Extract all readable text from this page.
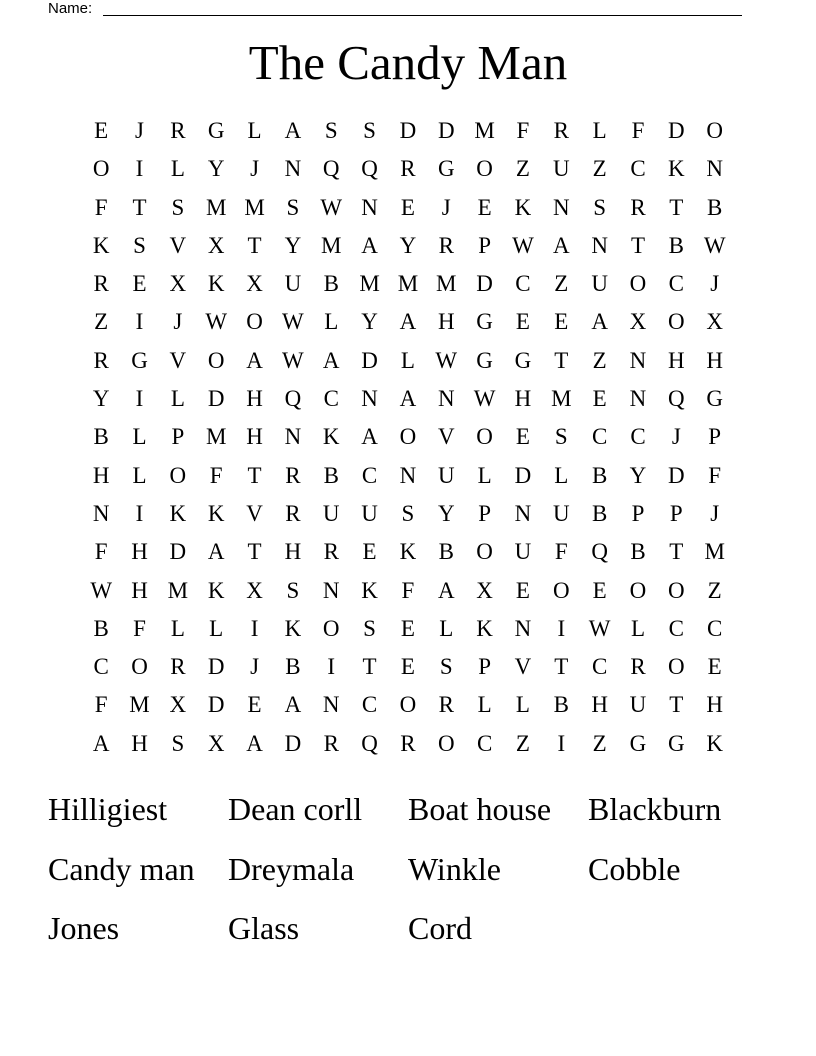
Name:
The Candy Man
E	J	R G	L	A	S	S	D D M F	R	L	F	D O
O	I	L	Y	J	N Q Q R G O	Z	U	Z	C K N
F	T	S M M S W N	E	J	E	K N	S	R	T	B
K	S	V X	T	Y M A Y R	P W A N	T	B W
R	E	X K X U B M M M D C	Z	U O C	J
Z	I	J	W O W L	Y A H G	E	E	A X O X
R G V O A W A D	L W G G	T	Z	N H H
Y	I	L	D H Q C N A N W H M E	N Q G
B	L	P M H N K A O V O	E	S	C	C	J	P
H	L	O	F	T	R	B	C N U	L	D	L	B Y D	F
N	I	K K V R U U	S	Y	P	N U B	P	P	J
F	H D A	T	H R	E	K B O U	F	Q B	T M
W H M K X	S	N K	F	A X	E	O	E	O O	Z
B	F	L	L	I	K O	S	E	L	K N	I	W L	C	C
C O R D	J	B	I	T	E	S	P	V	T	C	R O	E
F M X D	E	A N C O R	L	L	B H U	T	H
A H	S	X A D R Q R O C	Z	I	Z	G G K
Hilligiest	Dean corll	Boat house	Blackburn
Candy man	Dreymala	Winkle	Cobble
Jones	Glass	Cord
